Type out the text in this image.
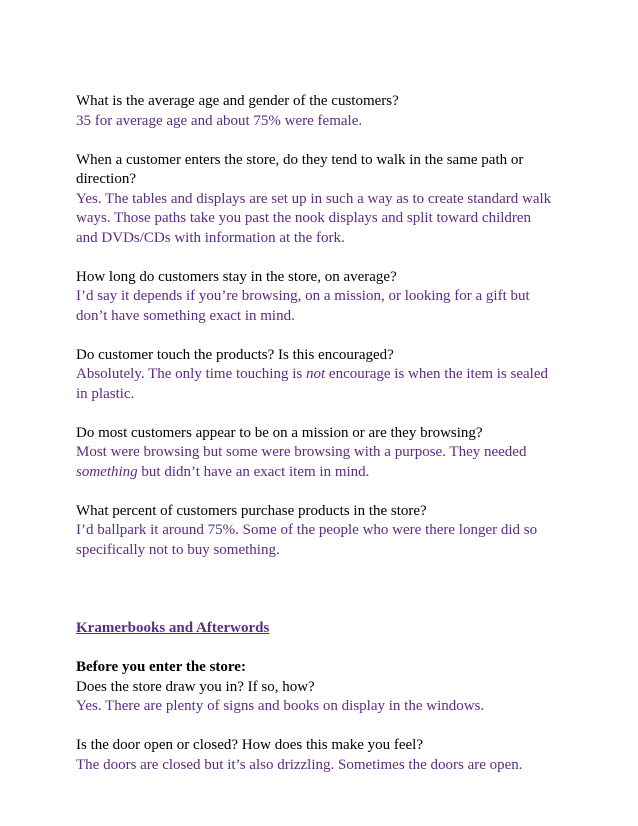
What is the average age and gender of the customers?
35 for average age and about 75% were female.
When a customer enters the store, do they tend to walk in the same path or direction?
Yes. The tables and displays are set up in such a way as to create standard walk ways. Those paths take you past the nook displays and split toward children and DVDs/CDs with information at the fork.
How long do customers stay in the store, on average?
I’d say it depends if you’re browsing, on a mission, or looking for a gift but don’t have something exact in mind.
Do customer touch the products? Is this encouraged?
Absolutely. The only time touching is not encourage is when the item is sealed in plastic.
Do most customers appear to be on a mission or are they browsing?
Most were browsing but some were browsing with a purpose. They needed something but didn’t have an exact item in mind.
What percent of customers purchase products in the store?
I’d ballpark it around 75%. Some of the people who were there longer did so specifically not to buy something.
Kramerbooks and Afterwords
Before you enter the store:
Does the store draw you in? If so, how?
Yes. There are plenty of signs and books on display in the windows.
Is the door open or closed? How does this make you feel?
The doors are closed but it’s also drizzling. Sometimes the doors are open.
